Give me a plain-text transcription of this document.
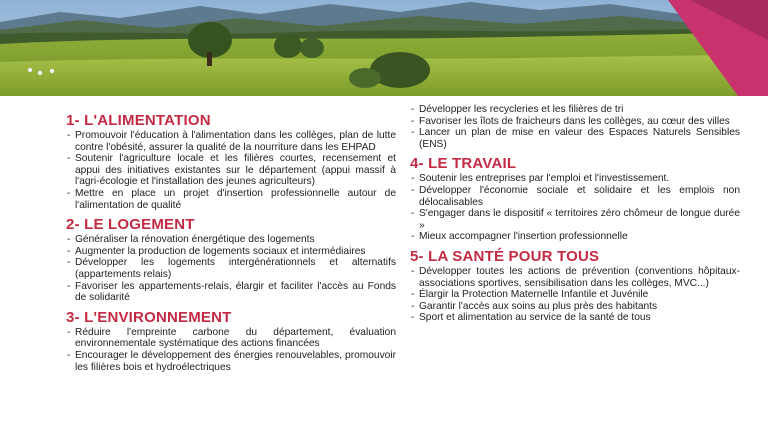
1- L'ALIMENTATION
- Promouvoir l'éducation à l'alimentation dans les collèges, plan de lutte contre l'obésité, assurer la qualité de la nourriture dans les EHPAD
- Soutenir l'agriculture locale et les filières courtes, recensement et appui des initiatives existantes sur le département (appui massif à l'agri-écologie et l'installation des jeunes agriculteurs)
- Mettre en place un projet d'insertion professionnelle autour de l'alimentation de qualité
2- LE LOGEMENT
- Généraliser la rénovation énergétique des logements
- Augmenter la production de logements sociaux et intermédiaires
- Développer les logements intergénérationnels et alternatifs (appartements relais)
- Favoriser les appartements-relais, élargir et faciliter l'accès au Fonds de solidarité
3- L'ENVIRONNEMENT
- Réduire l'empreinte carbone du département, évaluation environnementale systématique des actions financées
- Encourager le développement des énergies renouvelables, promouvoir les filières bois et hydroélectriques
- Développer les recycleries et les filières de tri
- Favoriser les îlots de fraicheurs dans les collèges, au cœur des villes
- Lancer un plan de mise en valeur des Espaces Naturels Sensibles (ENS)
4- LE TRAVAIL
- Soutenir les entreprises par l'emploi et l'investissement.
- Développer l'économie sociale et solidaire et les emplois non délocalisables
- S'engager dans le dispositif « territoires zéro chômeur de longue durée »
- Mieux accompagner l'insertion professionnelle
5- LA SANTÉ POUR TOUS
- Développer toutes les actions de prévention (conventions hôpitaux-associations sportives, sensibilisation dans les collèges, MVC...)
- Élargir la Protection Maternelle Infantile et Juvénile
- Garantir l'accès aux soins au plus près des habitants
- Sport et alimentation au service de la santé de tous
